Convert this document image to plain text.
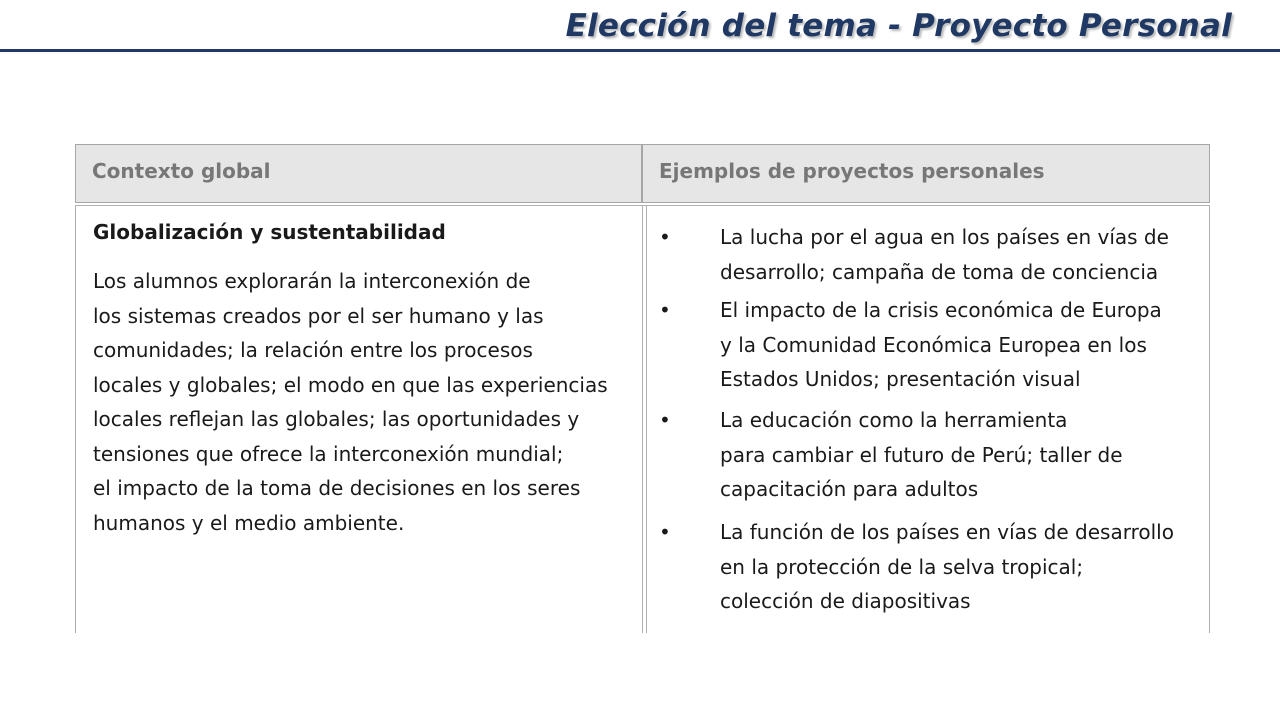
Elección del tema - Proyecto Personal
Contexto global	Ejemplos de proyectos personales
Globalización y sustentabilidad

Los alumnos explorarán la interconexión de
los sistemas creados por el ser humano y las
comunidades; la relación entre los procesos
locales y globales; el modo en que las experiencias
locales reflejan las globales; las oportunidades y
tensiones que ofrece la interconexión mundial;
el impacto de la toma de decisiones en los seres
humanos y el medio ambiente.

• La lucha por el agua en los países en vías de
desarrollo; campaña de toma de conciencia
• El impacto de la crisis económica de Europa
y la Comunidad Económica Europea en los
Estados Unidos; presentación visual
• La educación como la herramienta
para cambiar el futuro de Perú; taller de
capacitación para adultos
• La función de los países en vías de desarrollo
en la protección de la selva tropical;
colección de diapositivas
